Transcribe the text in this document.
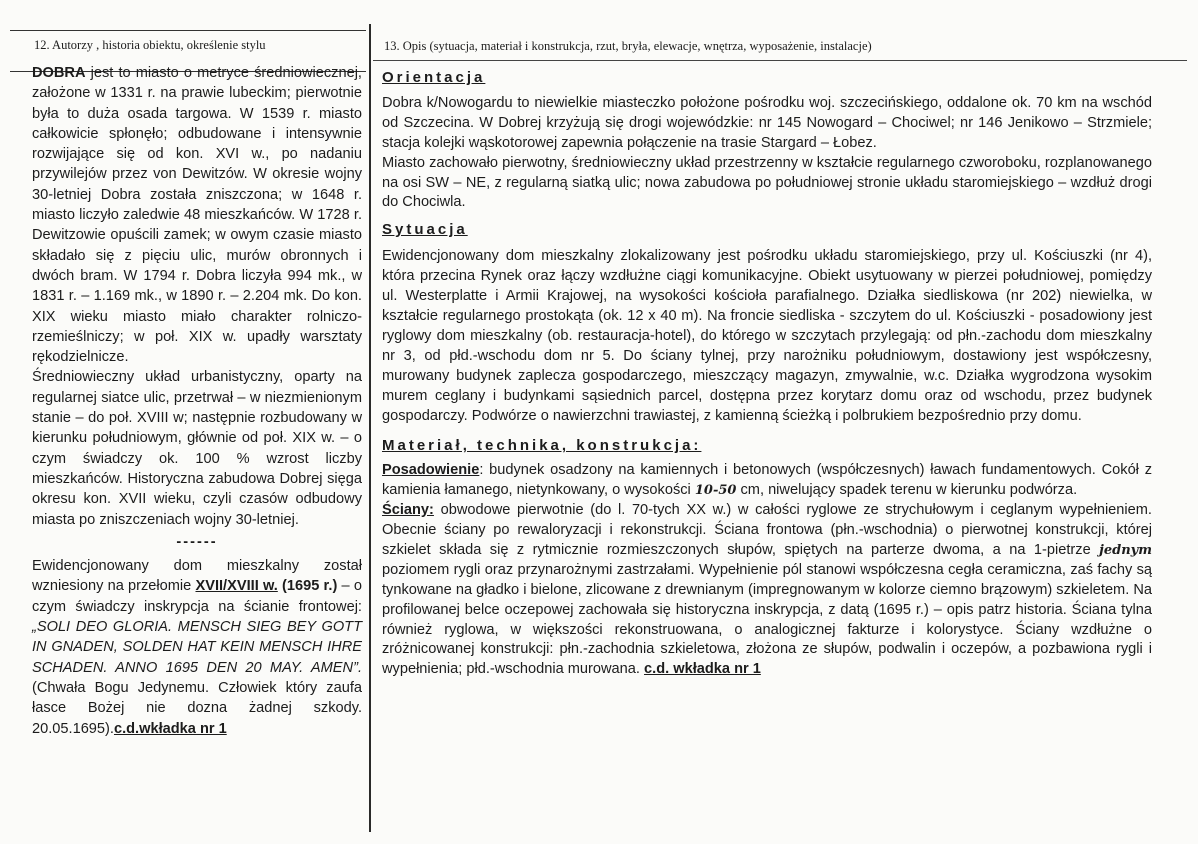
12. Autorzy , historia obiektu, określenie stylu	13. Opis (sytuacja, materiał i konstrukcja, rzut, bryła, elewacje, wnętrza, wyposażenie, instalacje)

DOBRA jest to miasto o metryce średniowiecznej, założone w 1331 r. na prawie lubeckim; pierwotnie była to duża osada targowa. W 1539 r. miasto całkowicie spłonęło; odbudowane i intensywnie rozwijające się od kon. XVI w., po nadaniu przywilejów przez von Dewitzów. W okresie wojny 30-letniej Dobra została zniszczona; w 1648 r. miasto liczyło zaledwie 48 mieszkańców. W 1728 r. Dewitzowie opuścili zamek; w owym czasie miasto składało się z pięciu ulic, murów obronnych i dwóch bram. W 1794 r. Dobra liczyła 994 mk., w 1831 r. – 1.169 mk., w 1890 r. – 2.204 mk. Do kon. XIX wieku miasto miało charakter rolniczo-rzemieślniczy; w poł. XIX w. upadły warsztaty rękodzielnicze.

Średniowieczny układ urbanistyczny, oparty na regularnej siatce ulic, przetrwał – w niezmienionym stanie – do poł. XVIII w; następnie rozbudowany w kierunku południowym, głównie od poł. XIX w. – o czym świadczy ok. 100 % wzrost liczby mieszkańców. Historyczna zabudowa Dobrej sięga okresu kon. XVII wieku, czyli czasów odbudowy miasta po zniszczeniach wojny 30-letniej.

------

Ewidencjonowany dom mieszkalny został wzniesiony na przełomie XVII/XVIII w. (1695 r.) – o czym świadczy inskrypcja na ścianie frontowej: „SOLI DEO GLORIA. MENSCH SIEG BEY GOTT IN GNADEN, SOLDEN HAT KEIN MENSCH IHRE SCHADEN. ANNO 1695 DEN 20 MAY. AMEN”. (Chwała Bogu Jedynemu. Człowiek który zaufa łasce Bożej nie dozna żadnej szkody. 20.05.1695).c.d.wkładka nr 1

Orientacja

Dobra k/Nowogardu to niewielkie miasteczko położone pośrodku woj. szczecińskiego, oddalone ok. 70 km na wschód od Szczecina. W Dobrej krzyżują się drogi wojewódzkie: nr 145 Nowogard – Chociwel; nr 146 Jenikowo – Strzmiele; stacja kolejki wąskotorowej zapewnia połączenie na trasie Stargard – Łobez.

Miasto zachowało pierwotny, średniowieczny układ przestrzenny w kształcie regularnego czworoboku, rozplanowanego na osi SW – NE, z regularną siatką ulic; nowa zabudowa po południowej stronie układu staromiejskiego – wzdłuż drogi do Chociwla.

Sytuacja

Ewidencjonowany dom mieszkalny zlokalizowany jest pośrodku układu staromiejskiego, przy ul. Kościuszki (nr 4), która przecina Rynek oraz łączy wzdłużne ciągi komunikacyjne. Obiekt usytuowany w pierzei południowej, pomiędzy ul. Westerplatte i Armii Krajowej, na wysokości kościoła parafialnego. Działka siedliskowa (nr 202) niewielka, w kształcie regularnego prostokąta (ok. 12 x 40 m). Na froncie siedliska - szczytem do ul. Kościuszki - posadowiony jest ryglowy dom mieszkalny (ob. restauracja-hotel), do którego w szczytach przylegają: od płn.-zachodu dom mieszkalny nr 3, od płd.-wschodu dom nr 5. Do ściany tylnej, przy narożniku południowym, dostawiony jest współczesny, murowany budynek zaplecza gospodarczego, mieszczący magazyn, zmywalnie, w.c. Działka wygrodzona wysokim murem ceglany i budynkami sąsiednich parcel, dostępna przez korytarz domu oraz od wschodu, przez budynek gospodarczy. Podwórze o nawierzchni trawiastej, z kamienną ścieżką i polbrukiem bezpośrednio przy domu.

Materiał, technika, konstrukcja:

Posadowienie: budynek osadzony na kamiennych i betonowych (współczesnych) ławach fundamentowych. Cokół z kamienia łamanego, nietynkowany, o wysokości 10-50 cm, niwelujący spadek terenu w kierunku podwórza.

Ściany: obwodowe pierwotnie (do l. 70-tych XX w.) w całości ryglowe ze strychułowym i ceglanym wypełnieniem. Obecnie ściany po rewaloryzacji i rekonstrukcji. Ściana frontowa (płn.-wschodnia) o pierwotnej konstrukcji, której szkielet składa się z rytmicznie rozmieszczonych słupów, spiętych na parterze dwoma, a na 1-pietrze jednym poziomem rygli oraz przynarożnymi zastrzałami. Wypełnienie pól stanowi współczesna cegła ceramiczna, zaś fachy są tynkowane na gładko i bielone, zlicowane z drewnianym (impregnowanym w kolorze ciemno brązowym) szkieletem. Na profilowanej belce oczepowej zachowała się historyczna inskrypcja, z datą (1695 r.) – opis patrz historia. Ściana tylna również ryglowa, w większości rekonstruowana, o analogicznej fakturze i kolorystyce. Ściany wzdłużne o zróżnicowanej konstrukcji: płn.-zachodnia szkieletowa, złożona ze słupów, podwalin i oczepów, a pozbawiona rygli i wypełnienia; płd.-wschodnia murowana. c.d. wkładka nr 1
